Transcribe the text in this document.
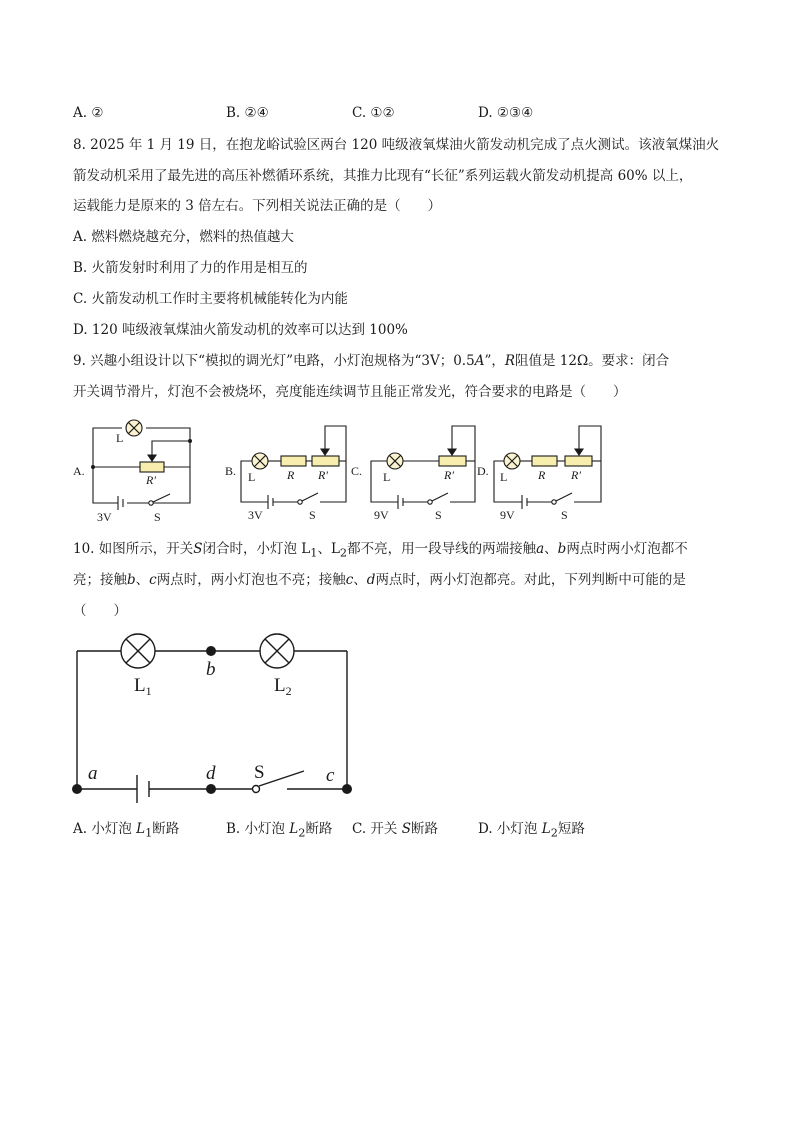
A. ②	B. ②④	C. ①②	D. ②③④
8. 2025 年 1 月 19 日，在抱龙峪试验区两台 120 吨级液氧煤油火箭发动机完成了点火测试。该液氧煤油火
箭发动机采用了最先进的高压补燃循环系统，其推力比现有“长征”系列运载火箭发动机提高 60% 以上，
运载能力是原来的 3 倍左右。下列相关说法正确的是（　　）
A. 燃料燃烧越充分，燃料的热值越大
B. 火箭发射时利用了力的作用是相互的
C. 火箭发动机工作时主要将机械能转化为内能
D. 120 吨级液氧煤油火箭发动机的效率可以达到 100%
9. 兴趣小组设计以下“模拟的调光灯”电路，小灯泡规格为“3V；0.5A”，R阻值是 12Ω。要求：闭合
开关调节滑片，灯泡不会被烧坏，亮度能连续调节且能正常发光，符合要求的电路是（　　）
A.
L
R′
3V	S
B. L	R R′
3V	S
C. L	R′
9V	S
D. L	R R′
9V	S
10. 如图所示，开关S闭合时，小灯泡 $L_1$、$L_2$都不亮，用一段导线的两端接触a、b两点时两小灯泡都不
亮；接触b、c两点时，两小灯泡也不亮；接触c、d两点时，两小灯泡都亮。对此，下列判断中可能的是
（　　）
$L_1$	$L_2$
b
a	d S	c
A. 小灯泡 $L_1$断路	B. 小灯泡 $L_2$断路 C. 开关 S断路	D. 小灯泡 $L_2$短路
